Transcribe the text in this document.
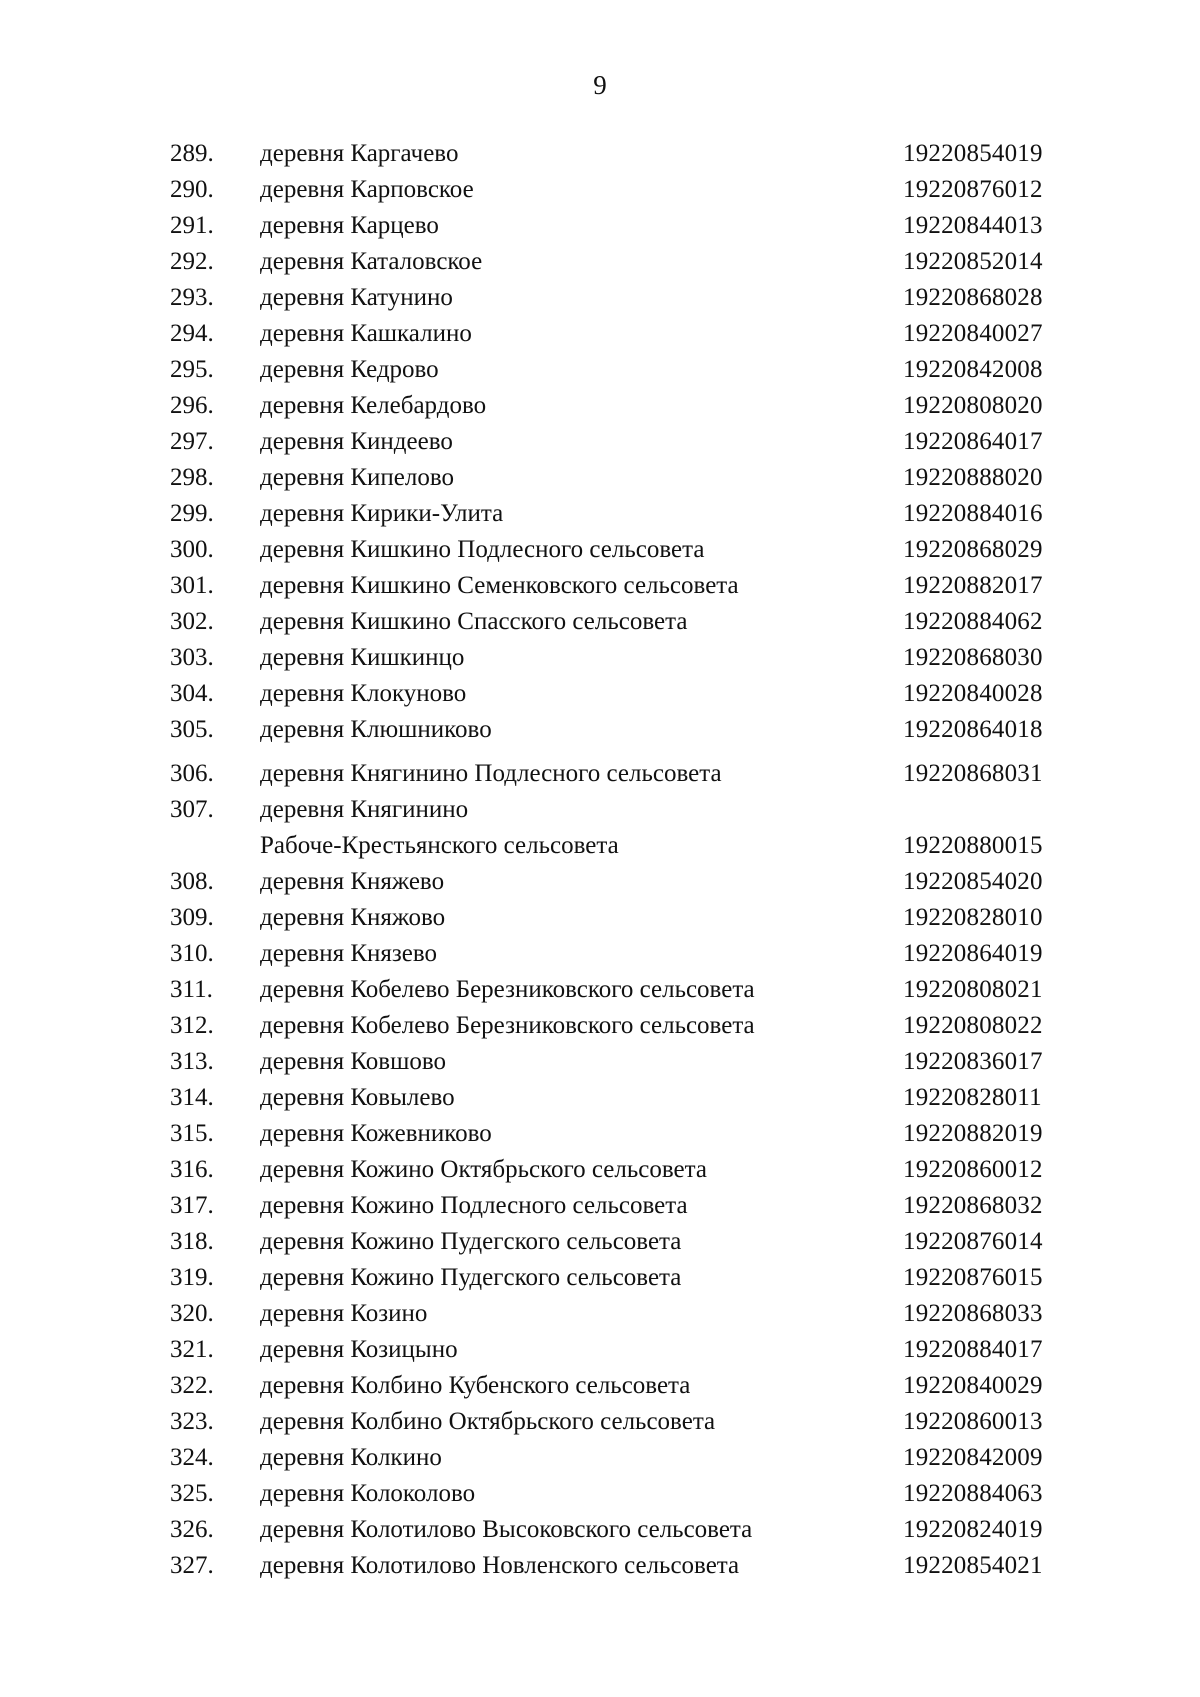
9
289. деревня Каргачево	19220854019
290. деревня Карповское	19220876012
291. деревня Карцево	19220844013
292. деревня Каталовское	19220852014
293. деревня Катунино	19220868028
294. деревня Кашкалино	19220840027
295. деревня Кедрово	19220842008
296. деревня Келебардово	19220808020
297. деревня Киндеево	19220864017
298. деревня Кипелово	19220888020
299. деревня Кирики-Улита	19220884016
300. деревня Кишкино Подлесного сельсовета	19220868029
301. деревня Кишкино Семенковского сельсовета	19220882017
302. деревня Кишкино Спасского сельсовета	19220884062
303. деревня Кишкинцо	19220868030
304. деревня Клокуново	19220840028
305. деревня Клюшниково	19220864018
306. деревня Княгинино Подлесного сельсовета	19220868031
307. деревня Княгинино
Рабоче-Крестьянского сельсовета	19220880015
308. деревня Княжево	19220854020
309. деревня Княжово	19220828010
310. деревня Князево	19220864019
311. деревня Кобелево Березниковского сельсовета	19220808021
312. деревня Кобелево Березниковского сельсовета	19220808022
313. деревня Ковшово	19220836017
314. деревня Ковылево	19220828011
315. деревня Кожевниково	19220882019
316. деревня Кожино Октябрьского сельсовета	19220860012
317. деревня Кожино Подлесного сельсовета	19220868032
318. деревня Кожино Пудегского сельсовета	19220876014
319. деревня Кожино Пудегского сельсовета	19220876015
320. деревня Козино	19220868033
321. деревня Козицыно	19220884017
322. деревня Колбино Кубенского сельсовета	19220840029
323. деревня Колбино Октябрьского сельсовета	19220860013
324. деревня Колкино	19220842009
325. деревня Колоколово	19220884063
326. деревня Колотилово Высоковского сельсовета	19220824019
327. деревня Колотилово Новленского сельсовета	19220854021
